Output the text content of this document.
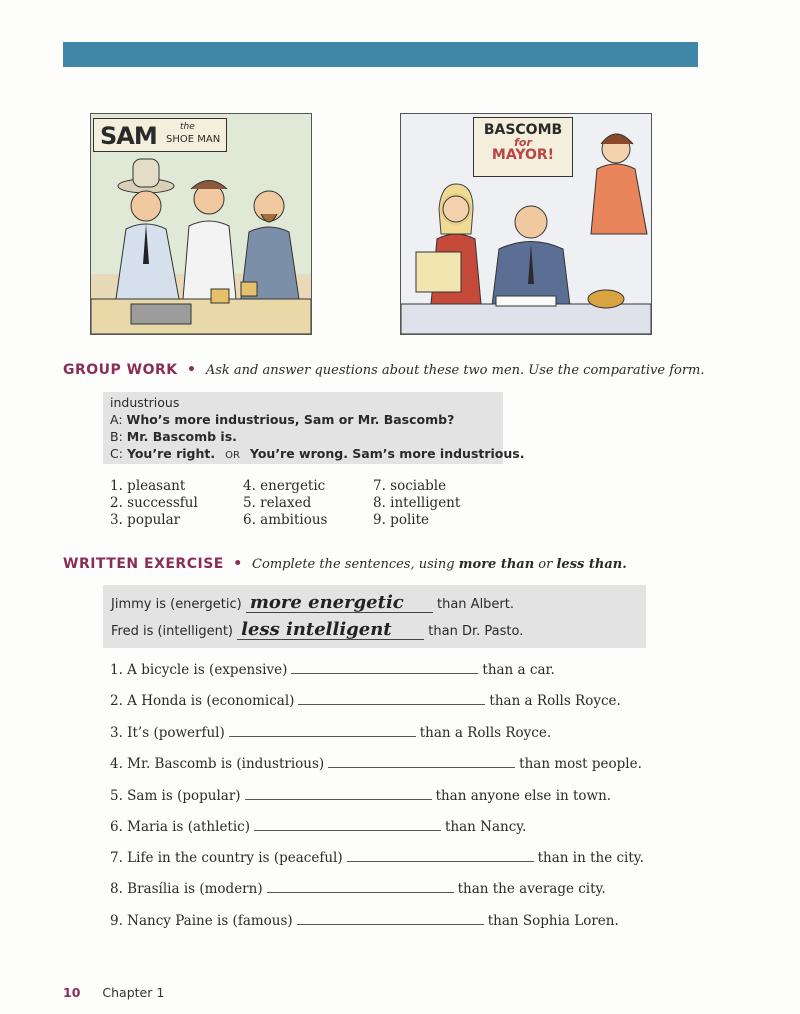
SAM	the
SHOE MAN
BASCOMB
for
MAYOR!
GROUP WORK • Ask and answer questions about these two men. Use the comparative form.
industrious
A: Who’s more industrious, Sam or Mr. Bascomb?
B: Mr. Bascomb is.
C: You’re right. OR You’re wrong. Sam’s more industrious.
1. pleasant
2. successful
3. popular
4. energetic
5. relaxed
6. ambitious
7. sociable
8. intelligent
9. polite
WRITTEN EXERCISE • Complete the sentences, using more than or less than.
Jimmy is (energetic) more energetic	than Albert.
Fred is (intelligent) less intelligent	than Dr. Pasto.
1. A bicycle is (expensive)	than a car.
2. A Honda is (economical)	than a Rolls Royce.
3. It’s (powerful)	than a Rolls Royce.
4. Mr. Bascomb is (industrious)	than most people.
5. Sam is (popular)	than anyone else in town.
6. Maria is (athletic)	than Nancy.
7. Life in the country is (peaceful)	than in the city.
8. Brasília is (modern)	than the average city.
9. Nancy Paine is (famous)	than Sophia Loren.
10 Chapter 1
